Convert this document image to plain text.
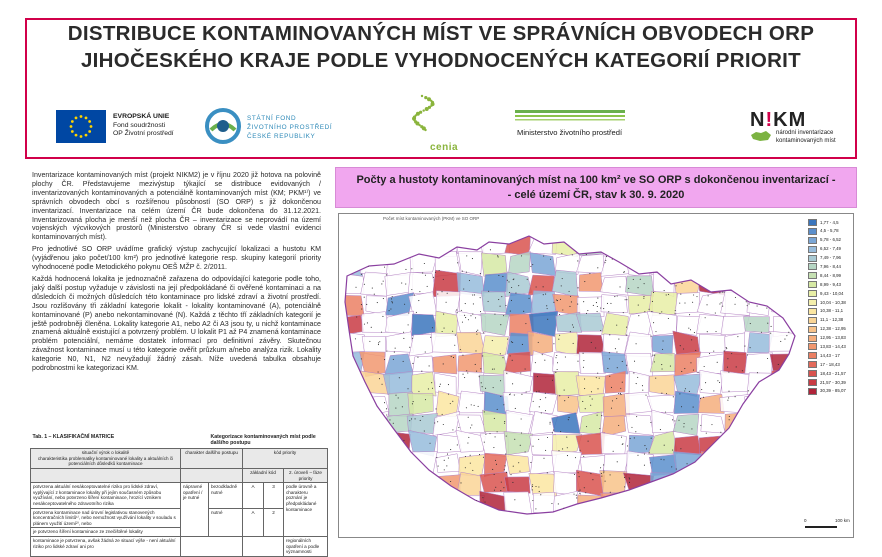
DISTRIBUCE KONTAMINOVANÝCH MÍST VE SPRÁVNÍCH OBVODECH ORP
JIHOČESKÉHO KRAJE PODLE VYHODNOCENÝCH KATEGORIÍ PRIORIT
EVROPSKÁ UNIE
Fond soudržnosti
OP Životní prostředí
STÁTNÍ FOND
ŽIVOTNÍHO PROSTŘEDÍ
ČESKÉ REPUBLIKY
cenia
Ministerstvo životního prostředí
N!KM
národní inventarizace
kontaminovaných míst

Inventarizace kontaminovaných míst (projekt NIKM2) je v říjnu 2020 již hotova na polovině plochy ČR. Představujeme mezivýstup týkající se distribuce evidovaných / inventarizovaných kontaminovaných a potenciálně kontaminovaných míst (KM; PKM¹⁾) ve správních obvodech obcí s rozšířenou působností (SO ORP) s již dokončenou inventarizací. Inventarizace na celém území ČR bude dokončena do 31.12.2021. Inventarizovaná plocha je menší než plocha ČR – inventarizace se neprovádí na území vojenských výcvikových prostorů (Ministerstvo obrany ČR si vede vlastní evidenci kontaminovaných míst).

Pro jednotlivé SO ORP uvádíme grafický výstup zachycující lokalizaci a hustotu KM (vyjádřenou jako počet/100 km²) pro jednotlivé kategorie resp. skupiny kategorií priority vyhodnocené podle Metodického pokynu OEŠ MŽP č. 2/2011.

Každá hodnocená lokalita je jednoznačně zařazena do odpovídající kategorie podle toho, jaký další postup vyžaduje v závislosti na její předpokládané či ověřené kontaminaci a na důsledcích či možných důsledcích této kontaminace pro lidské zdraví a životní prostředí. Jsou rozlišovány tři základní kategorie lokalit - lokality kontaminované (A), potenciálně kontaminované (P) anebo nekontaminované (N). Každá z těchto tří základních kategorií je ještě podrobněji členěna. Lokality kategorie A1, nebo A2 či A3 jsou ty, u nichž kontaminace znamená aktuálně existující a potvrzený problém. U lokalit P1 až P4 znamená kontaminace problém potenciální, nemáme dostatek informací pro definitivní závěry. Skutečnou závažnost kontaminace musí u této kategorie ověřit průzkum a/nebo analýza rizik. Lokality kategorie N0, N1, N2 nevyžadují žádný zásah. Níže uvedená tabulka obsahuje podrobnostmi ke kategorizaci KM.

Tab. 1 – KLASIFIKAČNÍ MATRICE		Kategorizace kontaminovaných míst podle dalšího postupu			

situační výrok o lokalitě
charakteristika problematiky kontaminované lokality a aktuálních či potenciálních důsledků kontaminace	charakter dalšího postupu		kód priority		
			základní kód		2. úroveň – fáze priority
potvrzena aktuální nesákceptovatelné riziko pro lidské zdraví, vyplývající z kontaminace lokality při jejím současném způsobu využívání, nebo potvrzeno šíření kontaminace, hrozící vznikem nesákceptovatelného zdravotního rizika	nápravné opatření / je nutné	bezodkladně nutné	A	3	podle úrovně a charakteru poznání je předpokládané kontaminace
potvrzena kontaminace nad úrovní legislativou stanovených koncentračních limitů¹⁾, nebo nemožnost využívání lokality v souladu s plánem využití území²⁾, nebo		nutné	A	2	
je potvrzeno šíření kontaminace ze znečištěné lokality					
kontaminace je potvrzena, avšak žádná ze situací výše - není aktuální riziko pro lidské zdraví ani pro					regionálních opatření a podle významnosti
Počty a hustoty kontaminovaných míst na 100 km² ve SO ORP s dokončenou inventarizací -
- celé území ČR, stav k 30. 9. 2020
Počet míst kontaminovaných (PKM) ve SO ORP
1,77 - 4,5
4,5 - 5,78
5,78 - 6,52
6,52 - 7,49
7,49 - 7,96
7,96 - 8,44
8,44 - 8,99
8,99 - 9,43
9,43 - 10,04
10,04 - 10,38
10,38 - 11,1
11,1 - 12,38
12,38 - 12,95
12,95 - 13,83
13,83 - 14,43
14,43 - 17
17 - 18,43
18,43 - 21,57
21,57 - 30,39
30,39 - 85,07
0	100 km
